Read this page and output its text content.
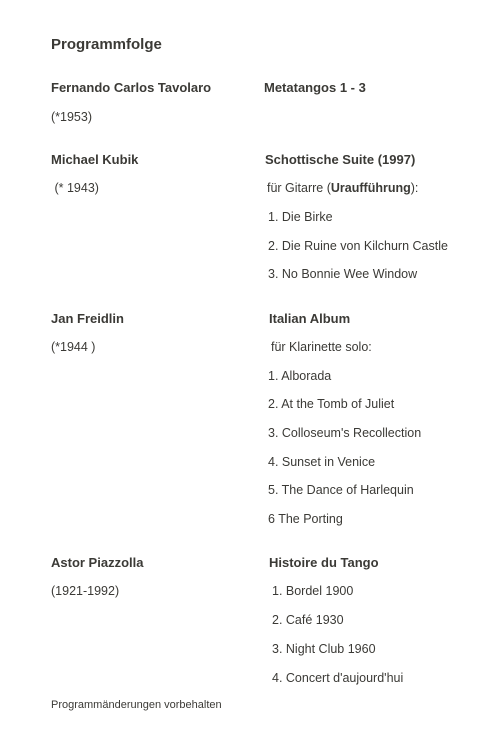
Programmfolge
Fernando Carlos Tavolaro	Metatangos 1 - 3
(*1953)
Michael Kubik	Schottische Suite (1997)
(* 1943)	für Gitarre (Uraufführung):
1. Die Birke
2. Die Ruine von Kilchurn Castle
3. No Bonnie Wee Window
Jan Freidlin	Italian Album
(*1944 )	für Klarinette solo:
1. Alborada
2. At the Tomb of Juliet
3. Colloseum's Recollection
4. Sunset in Venice
5. The Dance of Harlequin
6 The Porting
Astor Piazzolla	Histoire du Tango
(1921-1992)	1. Bordel 1900
2. Café 1930
3. Night Club 1960
4. Concert d'aujourd'hui
Programmänderungen vorbehalten
